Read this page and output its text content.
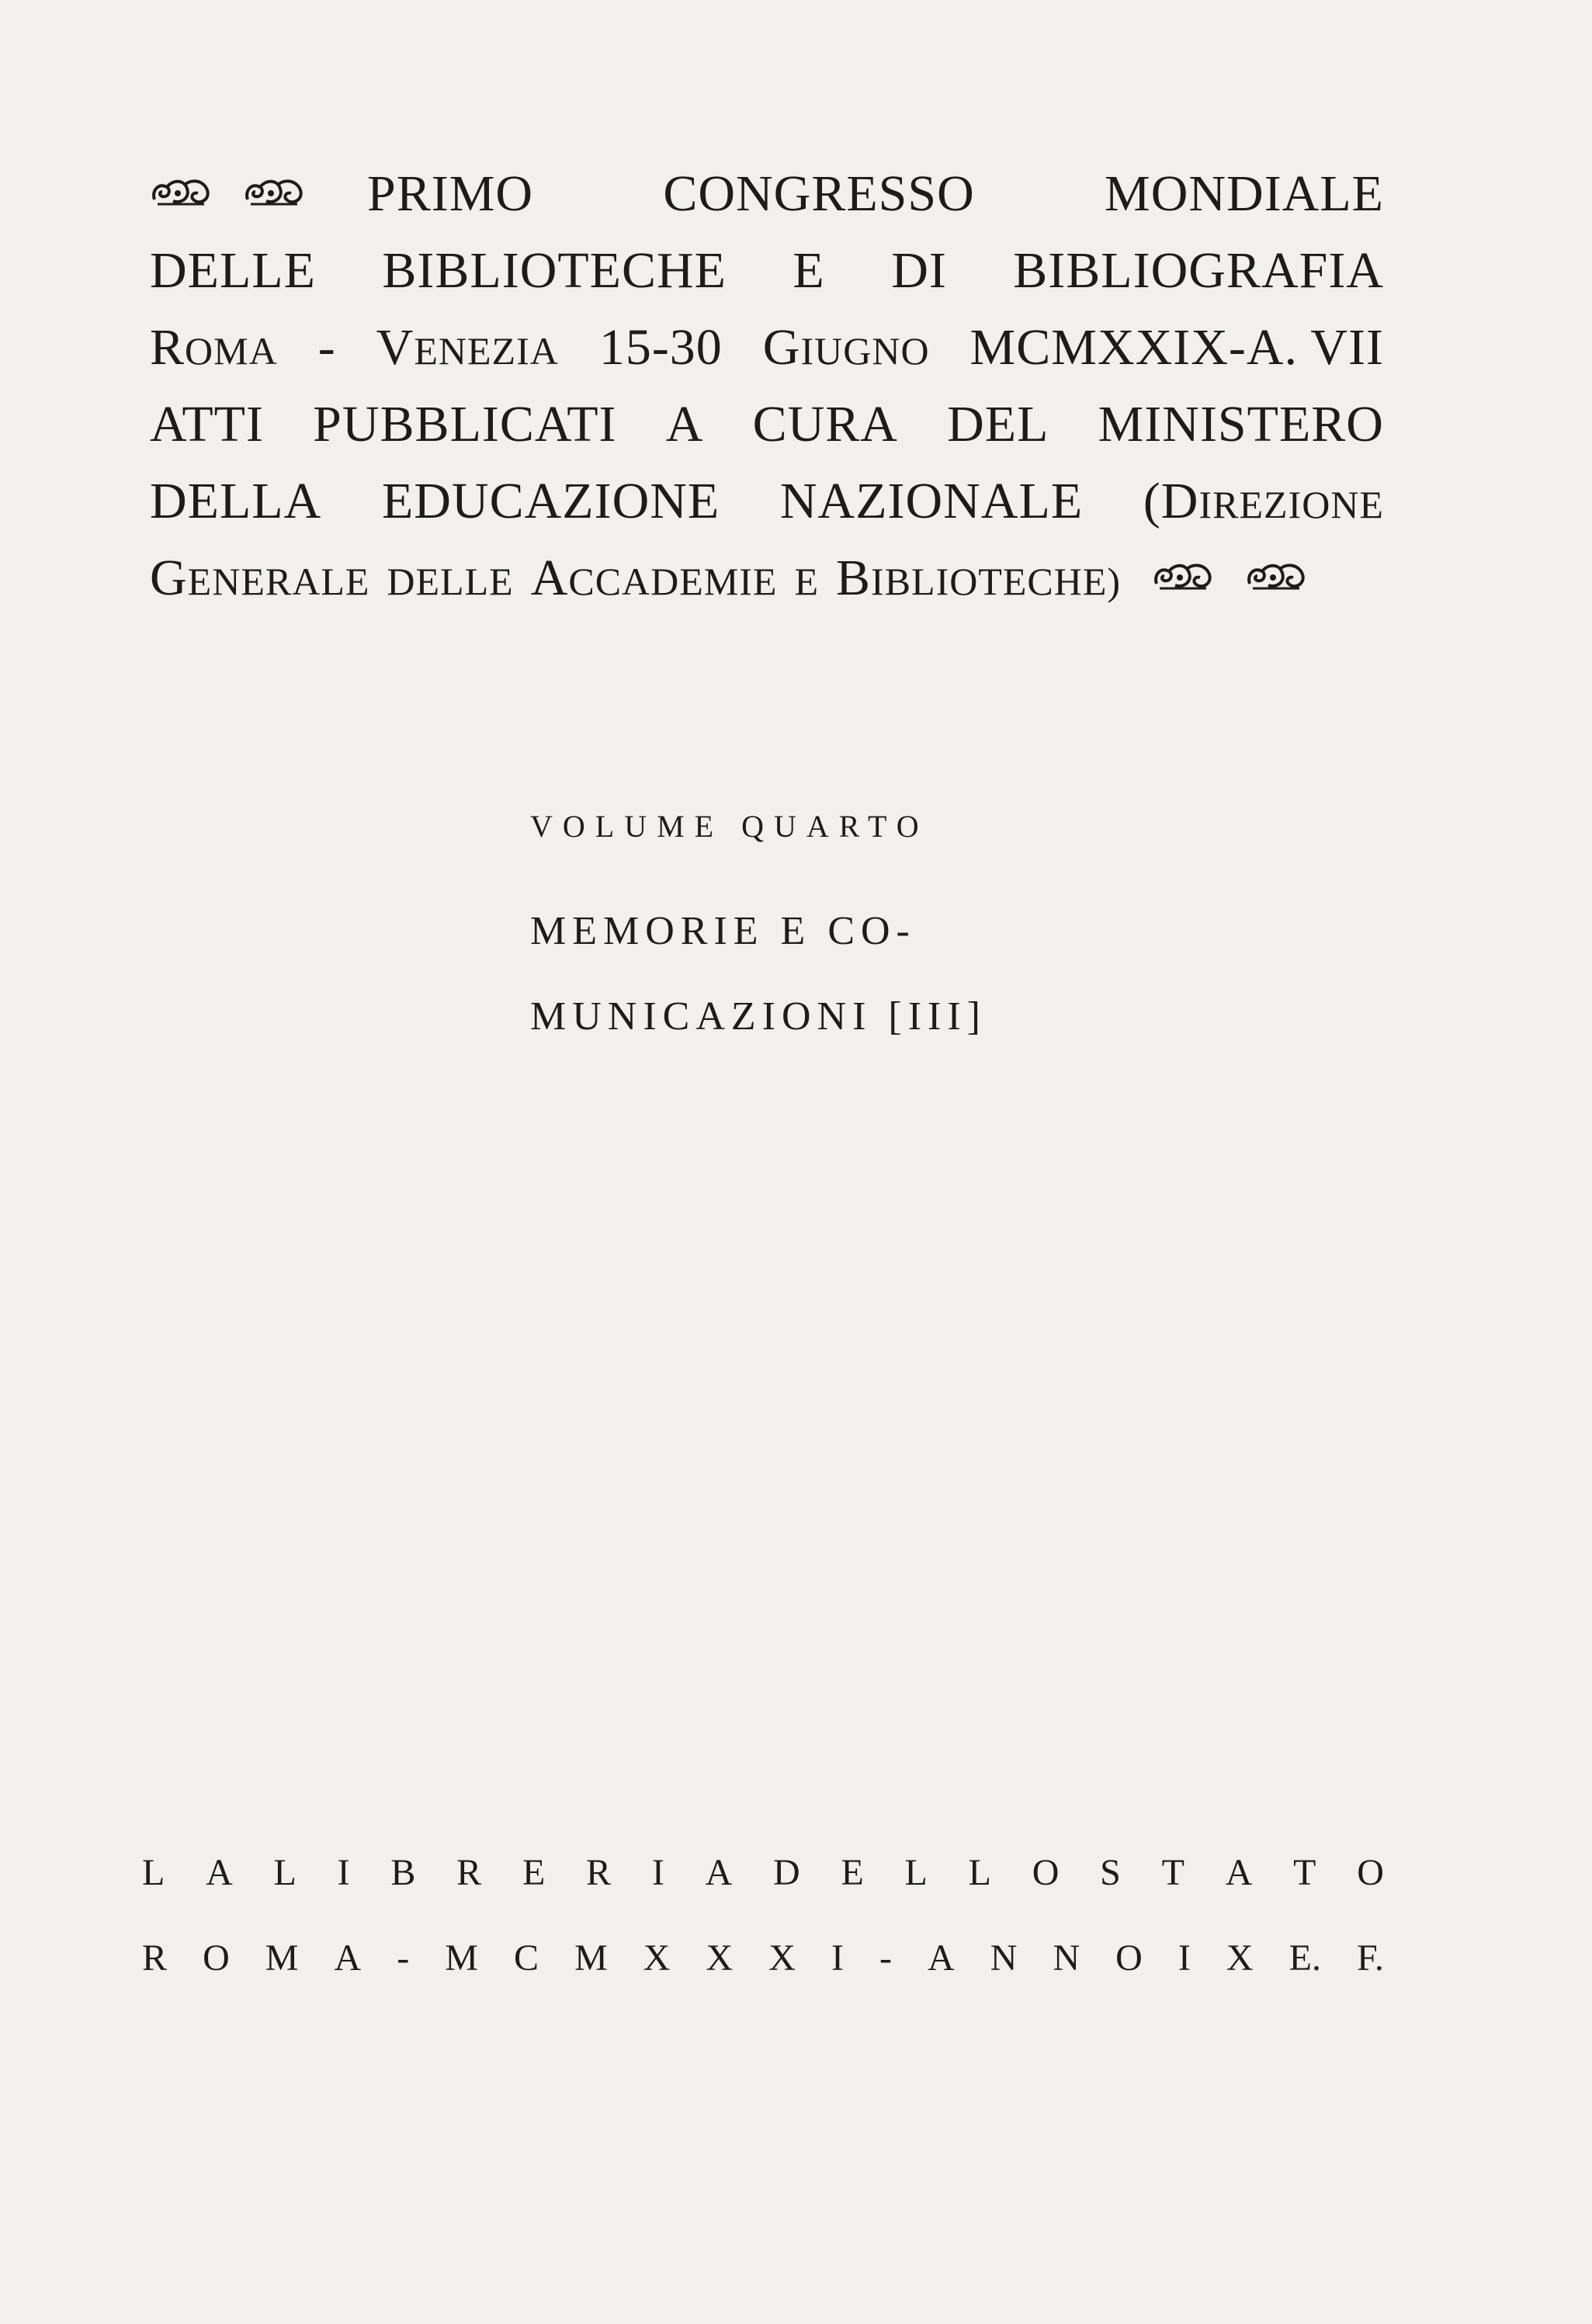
PRIMO	CONGRESSO	MONDIALE
DELLE BIBLIOTECHE E DI BIBLIOGRAFIA
ROMA - VENEZIA 15-30 GIUGNO MCMXXIX-A. VII
ATTI PUBBLICATI A CURA DEL MINISTERO
DELLA EDUCAZIONE NAZIONALE (DIREZIONE
GENERALE DELLE ACCADEMIE E BIBLIOTECHE)
VOLUME QUARTO
MEMORIE E CO-
MUNICAZIONI [III]
L A L I B R E R I A D E L L O S T A T O
R O M A - M C M X X X I - A N N O I X E. F.
